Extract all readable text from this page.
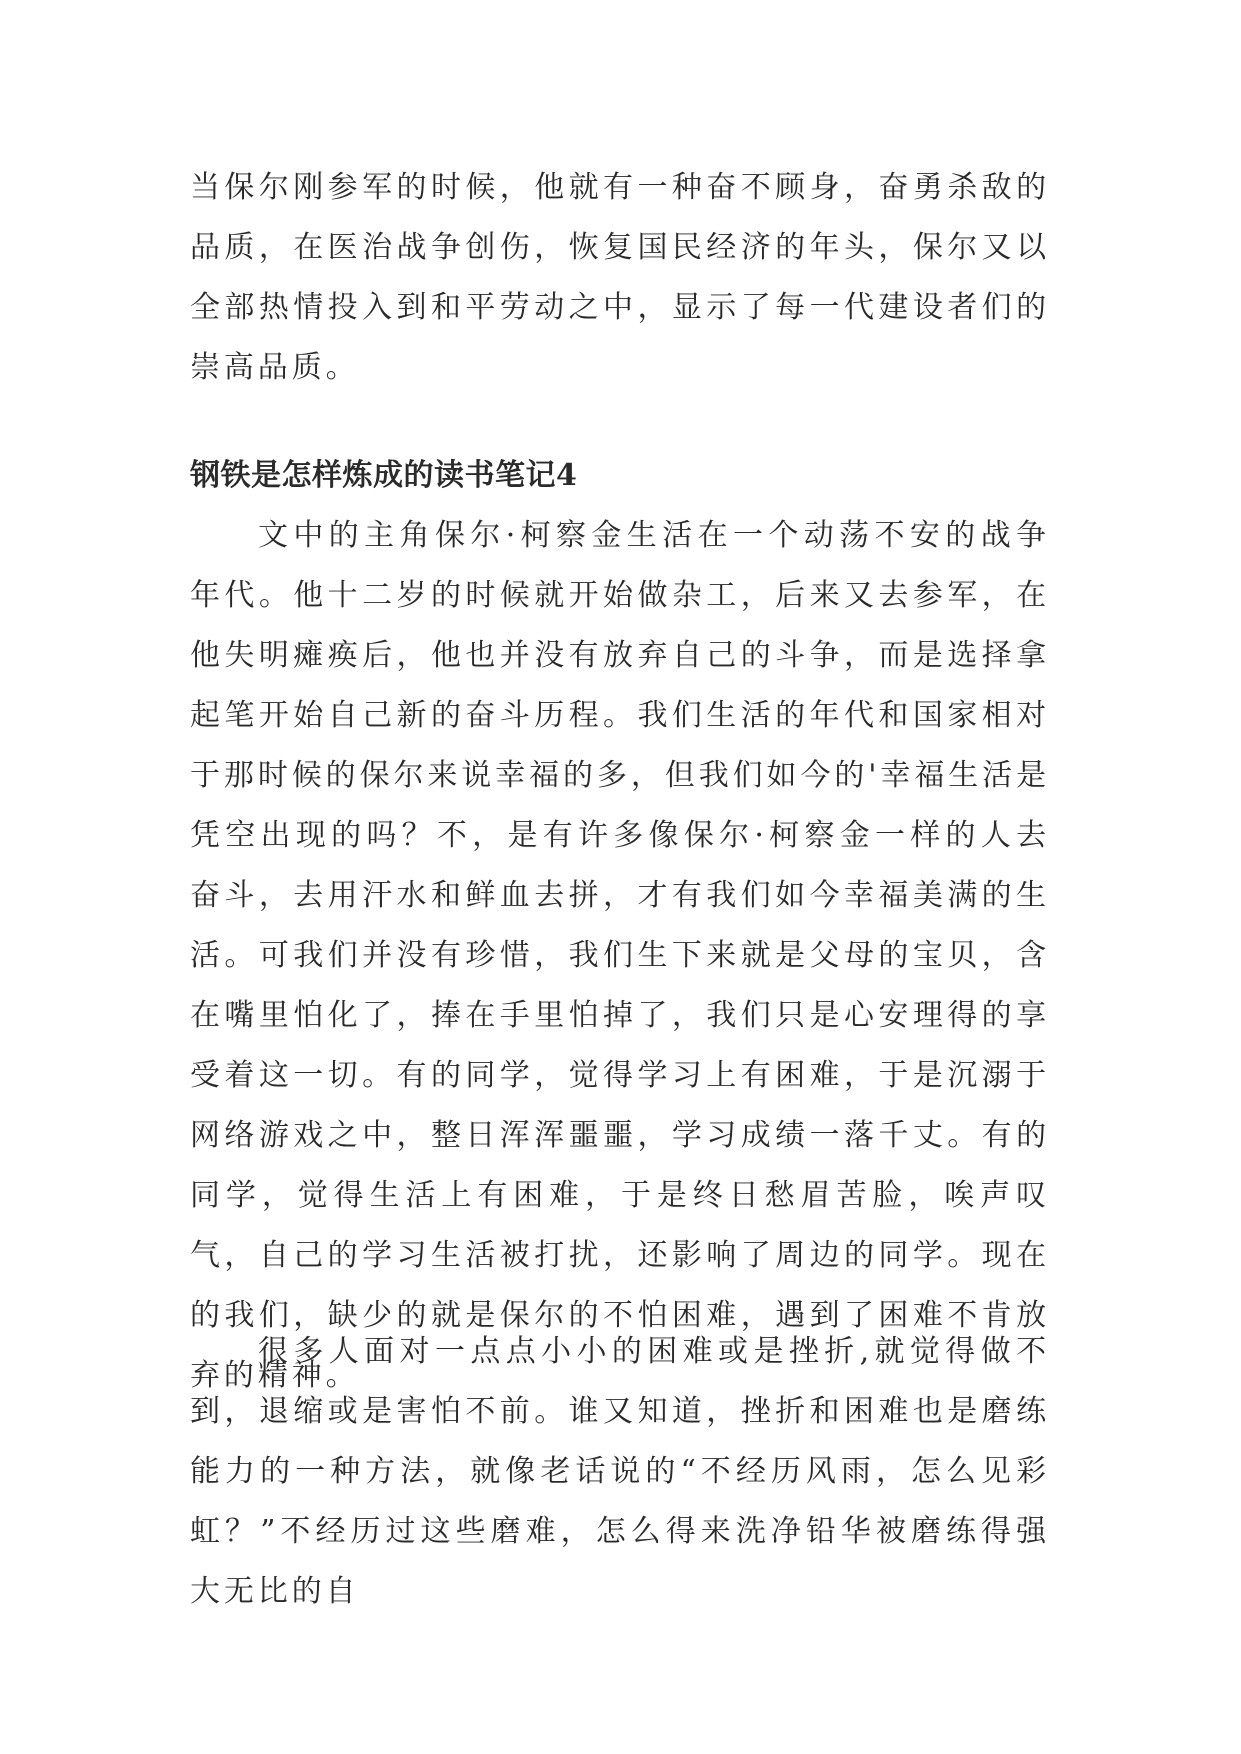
当保尔刚参军的时候，他就有一种奋不顾身，奋勇杀敌的品质，在医治战争创伤，恢复国民经济的年头，保尔又以全部热情投入到和平劳动之中，显示了每一代建设者们的崇高品质。

钢铁是怎样炼成的读书笔记4

文中的主角保尔·柯察金生活在一个动荡不安的战争年代。他十二岁的时候就开始做杂工，后来又去参军，在他失明瘫痪后，他也并没有放弃自己的斗争，而是选择拿起笔开始自己新的奋斗历程。我们生活的年代和国家相对于那时候的保尔来说幸福的多，但我们如今的'幸福生活是凭空出现的吗？不，是有许多像保尔·柯察金一样的人去奋斗，去用汗水和鲜血去拼，才有我们如今幸福美满的生活。可我们并没有珍惜，我们生下来就是父母的宝贝，含在嘴里怕化了，捧在手里怕掉了，我们只是心安理得的享受着这一切。有的同学，觉得学习上有困难，于是沉溺于网络游戏之中，整日浑浑噩噩，学习成绩一落千丈。有的同学，觉得生活上有困难，于是终日愁眉苦脸，唉声叹气，自己的学习生活被打扰，还影响了周边的同学。现在的我们，缺少的就是保尔的不怕困难，遇到了困难不肯放弃的精神。

很多人面对一点点小小的困难或是挫折,就觉得做不到，退缩或是害怕不前。谁又知道，挫折和困难也是磨练能力的一种方法，就像老话说的“不经历风雨，怎么见彩虹？”不经历过这些磨难，怎么得来洗净铅华被磨练得强大无比的自
